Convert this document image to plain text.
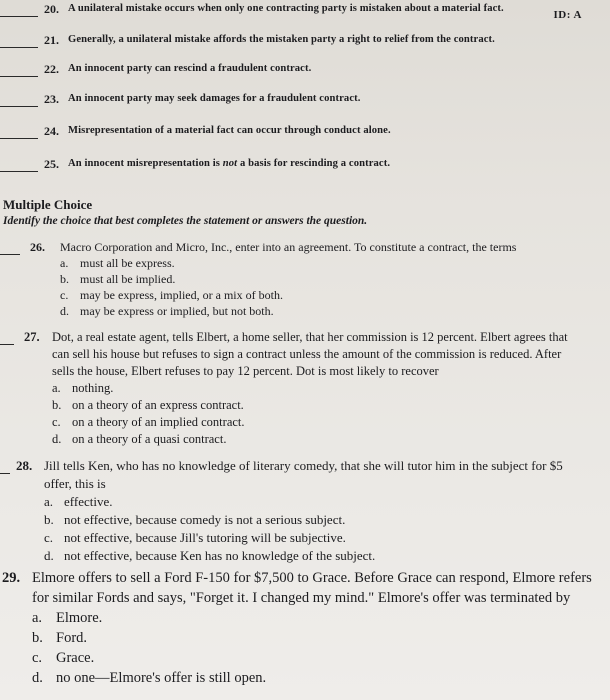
ID: A
20. A unilateral mistake occurs when only one contracting party is mistaken about a material fact.
21. Generally, a unilateral mistake affords the mistaken party a right to relief from the contract.
22. An innocent party can rescind a fraudulent contract.
23. An innocent party may seek damages for a fraudulent contract.
24. Misrepresentation of a material fact can occur through conduct alone.
25. An innocent misrepresentation is not a basis for rescinding a contract.
Multiple Choice
Identify the choice that best completes the statement or answers the question.
26. Macro Corporation and Micro, Inc., enter into an agreement. To constitute a contract, the terms
a. must all be express.
b. must all be implied.
c. may be express, implied, or a mix of both.
d. may be express or implied, but not both.
27. Dot, a real estate agent, tells Elbert, a home seller, that her commission is 12 percent. Elbert agrees that
can sell his house but refuses to sign a contract unless the amount of the commission is reduced. After
sells the house, Elbert refuses to pay 12 percent. Dot is most likely to recover
a. nothing.
b. on a theory of an express contract.
c. on a theory of an implied contract.
d. on a theory of a quasi contract.
28. Jill tells Ken, who has no knowledge of literary comedy, that she will tutor him in the subject for $5
offer, this is
a. effective.
b. not effective, because comedy is not a serious subject.
c. not effective, because Jill's tutoring will be subjective.
d. not effective, because Ken has no knowledge of the subject.
29. Elmore offers to sell a Ford F-150 for $7,500 to Grace. Before Grace can respond, Elmore refers
for similar Fords and says, "Forget it. I changed my mind." Elmore's offer was terminated by
a. Elmore.
b. Ford.
c. Grace.
d. no one—Elmore's offer is still open.
